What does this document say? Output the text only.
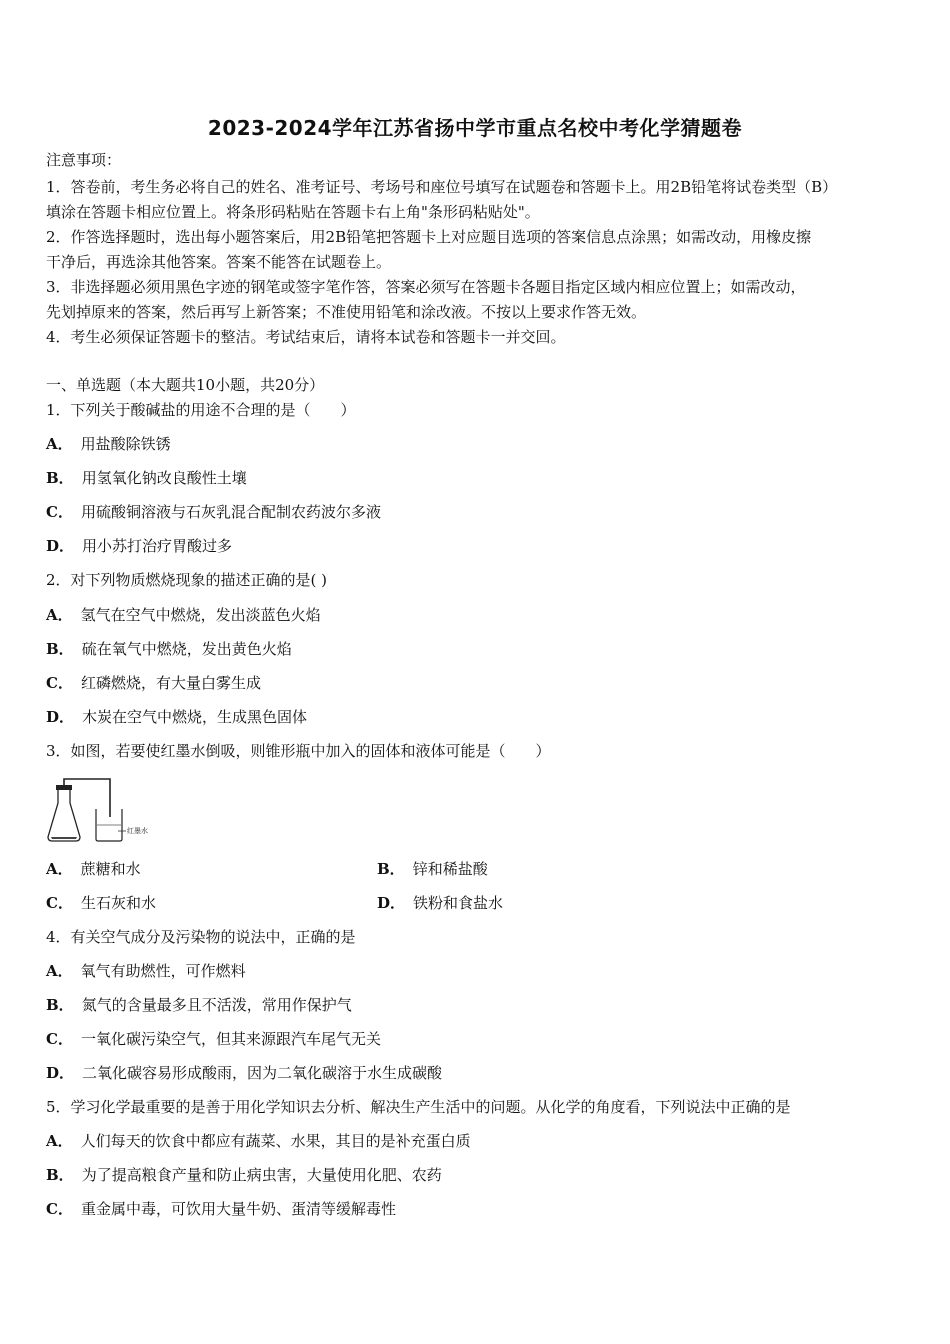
2023-2024学年江苏省扬中学市重点名校中考化学猜题卷
注意事项：
1．答卷前，考生务必将自己的姓名、准考证号、考场号和座位号填写在试题卷和答题卡上。用2B铅笔将试卷类型（B）
填涂在答题卡相应位置上。将条形码粘贴在答题卡右上角"条形码粘贴处"。
2．作答选择题时，选出每小题答案后，用2B铅笔把答题卡上对应题目选项的答案信息点涂黑；如需改动，用橡皮擦
干净后，再选涂其他答案。答案不能答在试题卷上。
3．非选择题必须用黑色字迹的钢笔或签字笔作答，答案必须写在答题卡各题目指定区域内相应位置上；如需改动，
先划掉原来的答案，然后再写上新答案；不准使用铅笔和涂改液。不按以上要求作答无效。
4．考生必须保证答题卡的整洁。考试结束后，请将本试卷和答题卡一并交回。
一、单选题（本大题共10小题，共20分）
1．下列关于酸碱盐的用途不合理的是（　　）
A． 用盐酸除铁锈
B． 用氢氧化钠改良酸性土壤
C． 用硫酸铜溶液与石灰乳混合配制农药波尔多液
D． 用小苏打治疗胃酸过多
2．对下列物质燃烧现象的描述正确的是( )
A． 氢气在空气中燃烧，发出淡蓝色火焰
B． 硫在氧气中燃烧，发出黄色火焰
C． 红磷燃烧，有大量白雾生成
D． 木炭在空气中燃烧，生成黑色固体
3．如图，若要使红墨水倒吸，则锥形瓶中加入的固体和液体可能是（　　）
红墨水
A． 蔗糖和水	B． 锌和稀盐酸
C． 生石灰和水	D． 铁粉和食盐水
4．有关空气成分及污染物的说法中，正确的是
A． 氧气有助燃性，可作燃料
B． 氮气的含量最多且不活泼，常用作保护气
C． 一氧化碳污染空气，但其来源跟汽车尾气无关
D． 二氧化碳容易形成酸雨，因为二氧化碳溶于水生成碳酸
5．学习化学最重要的是善于用化学知识去分析、解决生产生活中的问题。从化学的角度看，下列说法中正确的是
A． 人们每天的饮食中都应有蔬菜、水果，其目的是补充蛋白质
B． 为了提高粮食产量和防止病虫害，大量使用化肥、农药
C． 重金属中毒，可饮用大量牛奶、蛋清等缓解毒性
